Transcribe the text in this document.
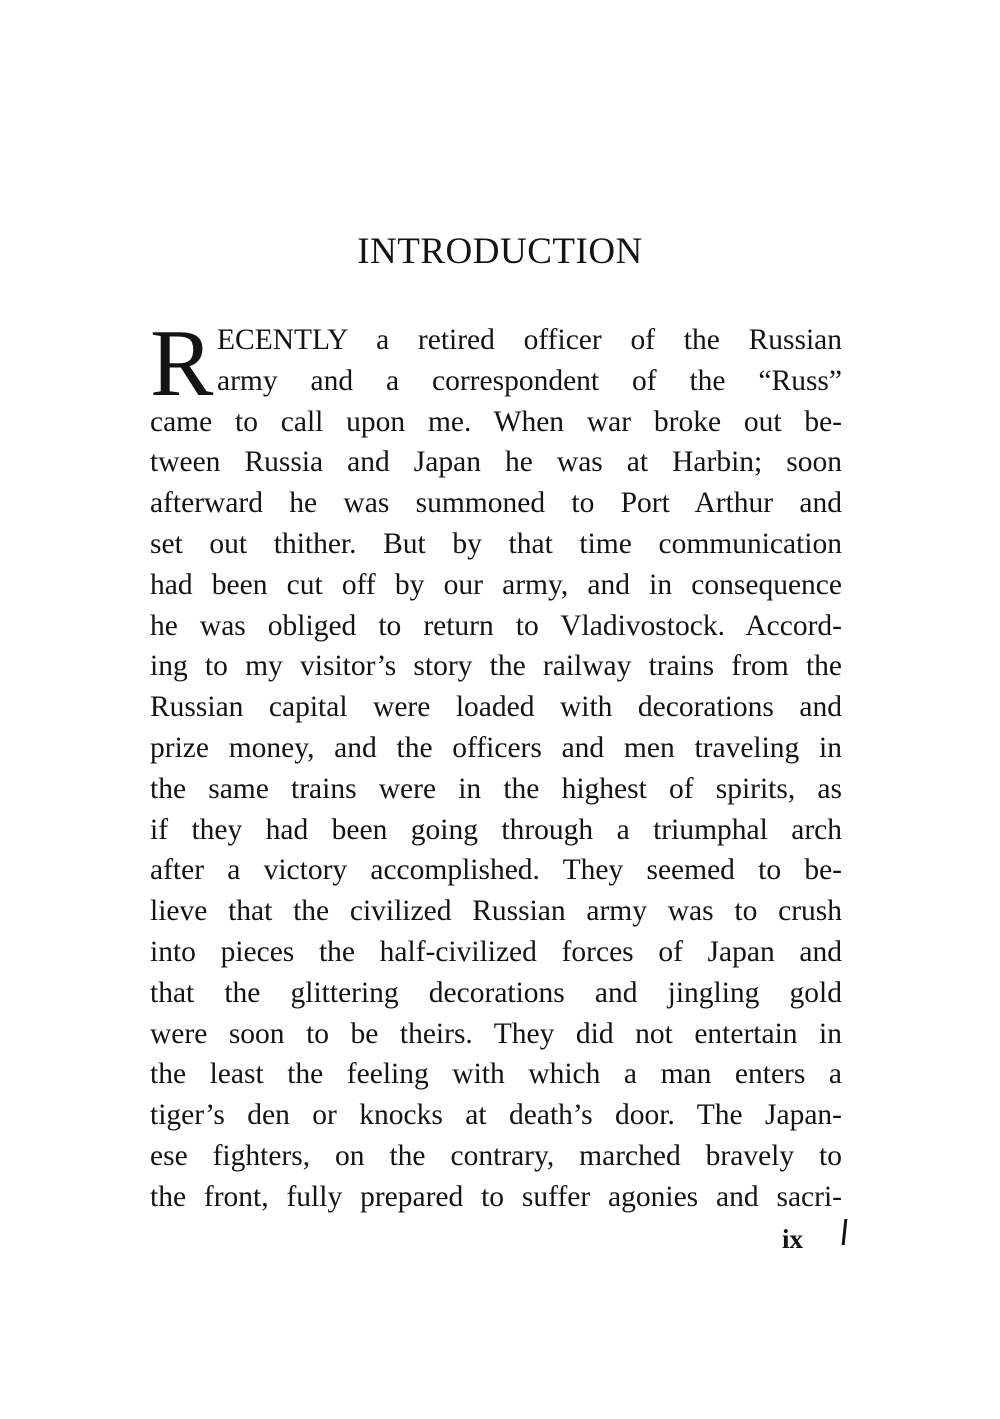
INTRODUCTION
R ECENTLY a retired officer of the Russian
army and a correspondent of the “Russ”
came to call upon me. When war broke out be-
tween Russia and Japan he was at Harbin; soon
afterward he was summoned to Port Arthur and
set out thither. But by that time communication
had been cut off by our army, and in consequence
he was obliged to return to Vladivostock. Accord-
ing to my visitor’s story the railway trains from the
Russian capital were loaded with decorations and
prize money, and the officers and men traveling in
the same trains were in the highest of spirits, as
if they had been going through a triumphal arch
after a victory accomplished. They seemed to be-
lieve that the civilized Russian army was to crush
into pieces the half-civilized forces of Japan and
that the glittering decorations and jingling gold
were soon to be theirs. They did not entertain in
the least the feeling with which a man enters a
tiger’s den or knocks at death’s door. The Japan-
ese fighters, on the contrary, marched bravely to
the front, fully prepared to suffer agonies and sacri-
ix
